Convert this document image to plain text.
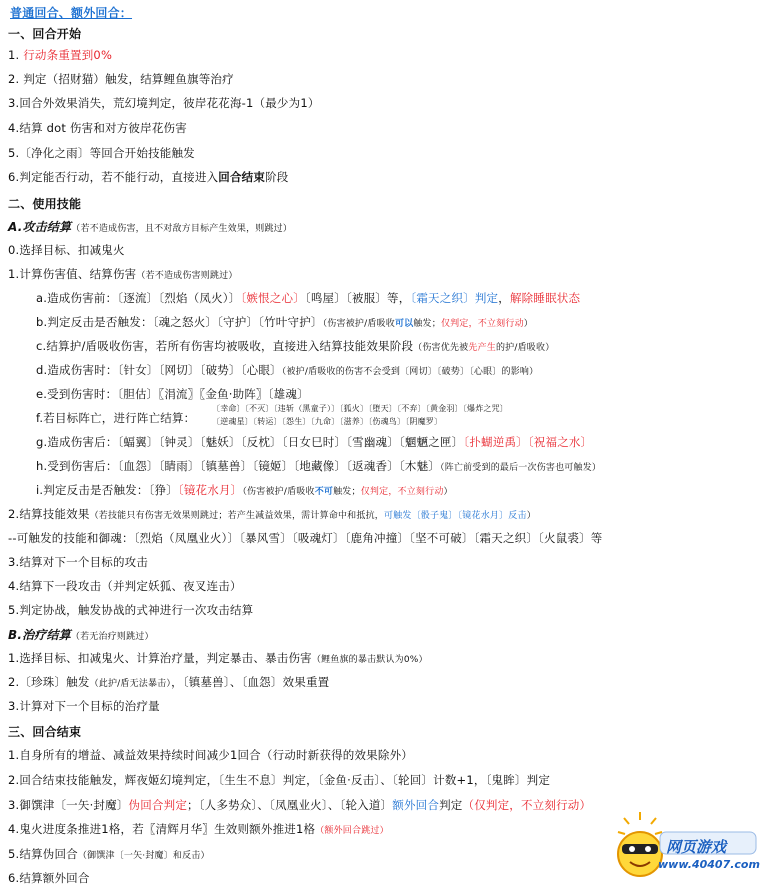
普通回合、额外回合：
一、回合开始
1. 行动条重置到0%
2. 判定（招财猫）触发，结算鲤鱼旗等治疗
3.回合外效果消失，荒幻境判定，彼岸花花海-1（最少为1）
4.结算 dot 伤害和对方彼岸花伤害
5.〔净化之雨〕等回合开始技能触发
6.判定能否行动，若不能行动，直接进入回合结束阶段
二、使用技能
A.攻击结算（若不造成伤害，且不对敌方目标产生效果，则跳过）
0.选择目标、扣减鬼火
1.计算伤害值、结算伤害（若不造成伤害则跳过）
a.造成伤害前：〔逐流〕〔烈焰（凤火）〕〔嫉恨之心〕〔鸣屋〕〔被服〕等，〔霜天之织〕判定，解除睡眠状态
b.判定反击是否触发：〔魂之怒火〕〔守护〕〔竹叶守护〕（伤害被护/盾吸收可以触发；仅判定，不立刻行动）
c.结算护/盾吸收伤害，若所有伤害均被吸收，直接进入结算技能效果阶段（伤害优先被先产生的护/盾吸收）
d.造成伤害时：〔针女〕〔网切〕〔破势〕〔心眼〕（被护/盾吸收的伤害不会受到〔网切〕〔破势〕〔心眼〕的影响）
e.受到伤害时：〔胆估〕〖涓流〗〖金鱼·助阵〗〔雄魂〕
f.若目标阵亡，进行阵亡结算：
〔幸命〕〔不灭〕〔违斩（黑童子）〕〔狐火〕〔堕天〕〔不弃〕〔黄金羽〕〔爆炸之咒〕
〔逆魂星〕〔转运〕〔怨生〕〔九命〕〔滋养〕〔伤魂鸟〕〔阴魔罗〕
g.造成伤害后：〔蝠翼〕〔钟灵〕〔魅妖〕〔反枕〕〔日女巳时〕〔雪幽魂〕〔魍魉之匣〕〔扑蝴逆禹〕〔祝福之水〕
h.受到伤害后：〔血怨〕〔睛雨〕〔镇墓兽〕〔镜姬〕〔地藏像〕〔返魂香〕〔木魅〕（阵亡前受到的最后一次伤害也可触发）
i.判定反击是否触发：〔狰〕〔镜花水月〕（伤害被护/盾吸收不可触发；仅判定，不立刻行动）
2.结算技能效果（若技能只有伤害无效果则跳过；若产生减益效果，需计算命中和抵抗，可触发〔骰子鬼〕〔镜花水月〕反击）
--可触发的技能和御魂：〔烈焰（凤凰业火）〕〔暴风雪〕〔吸魂灯〕〔鹿角冲撞〕〔坚不可破〕〔霜天之织〕〔火鼠裘〕等
3.结算对下一个目标的攻击
4.结算下一段攻击（并判定妖狐、夜叉连击）
5.判定协战，触发协战的式神进行一次攻击结算
B.治疗结算（若无治疗则跳过）
1.选择目标、扣减鬼火、计算治疗量，判定暴击、暴击伤害（鲤鱼旗的暴击默认为0%）
2.〔珍珠〕触发（此护/盾无法暴击），〔镇墓兽〕、〔血怨〕效果重置
3.计算对下一个目标的治疗量
三、回合结束
1.自身所有的增益、减益效果持续时间减少1回合（行动时新获得的效果除外）
2.回合结束技能触发，辉夜姬幻境判定，〔生生不息〕判定，〔金鱼·反击〕、〔轮回〕计数+1，〔鬼眸〕判定
3.御馔津〔一矢·封魔〕伪回合判定；〔人多势众〕、〔凤凰业火〕、〔轮入道〕额外回合判定（仅判定，不立刻行动）
4.鬼火进度条推进1格，若〖清辉月华〗生效则额外推进1格（额外回合跳过）
5.结算伪回合（御馔津〔一矢·封魔〕和反击）
6.结算额外回合
网页游戏
www.40407.com
